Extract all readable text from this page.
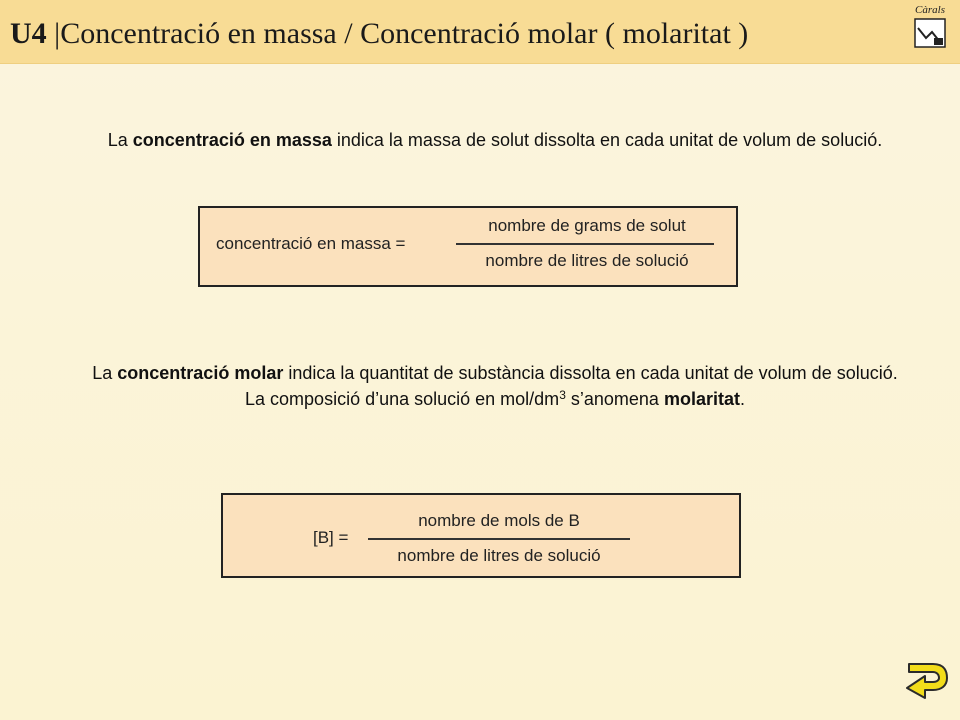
U4 |Concentració en massa / Concentració molar ( molaritat )
Càrals

La concentració en massa indica la massa de solut dissolta en cada unitat de volum de solució.

concentració en massa =
nombre de grams de solut
nombre de litres de solució

La concentració molar indica la quantitat de substància dissolta en cada unitat de volum de solució.
La composició d’una solució en mol/$dm^3$ s’anomena molaritat.

[B] =
nombre de mols de B
nombre de litres de solució
